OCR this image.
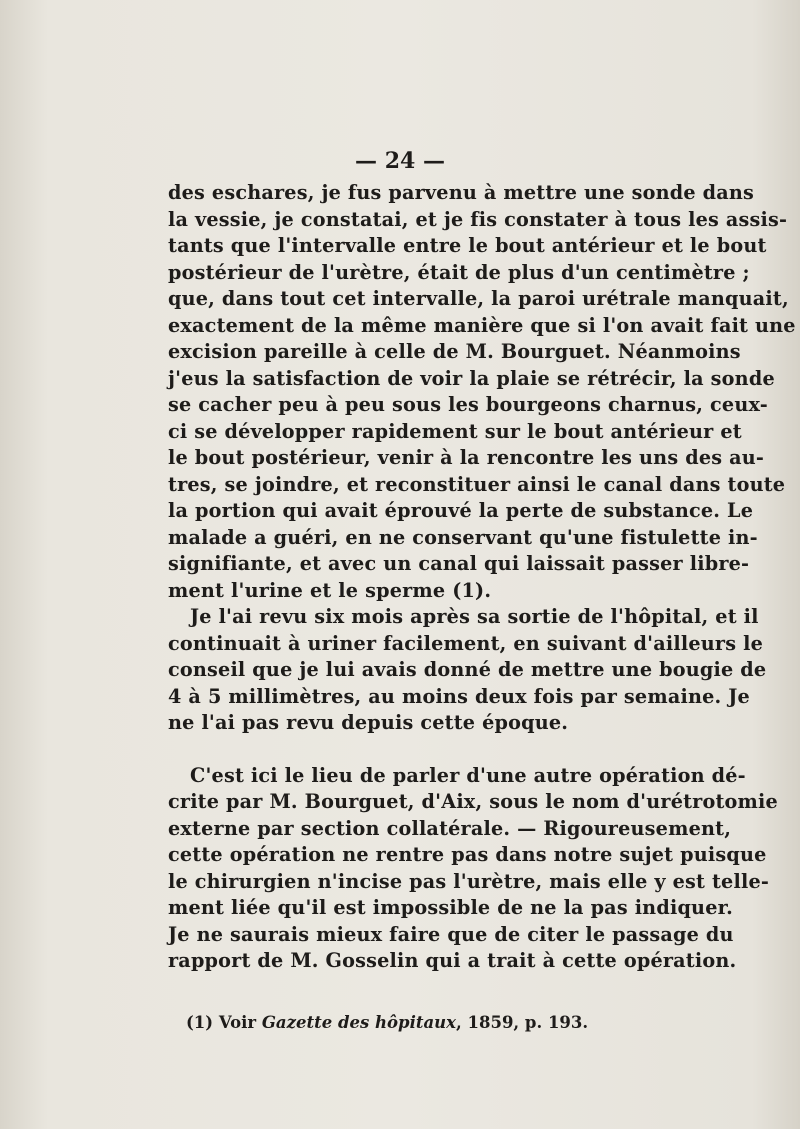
— 24 —

des eschares, je fus parvenu à mettre une sonde dans
la vessie, je constatai, et je fis constater à tous les assis-
tants que l'intervalle entre le bout antérieur et le bout
postérieur de l'urètre, était de plus d'un centimètre ;
que, dans tout cet intervalle, la paroi urétrale manquait,
exactement de la même manière que si l'on avait fait une
excision pareille à celle de M. Bourguet. Néanmoins
j'eus la satisfaction de voir la plaie se rétrécir, la sonde
se cacher peu à peu sous les bourgeons charnus, ceux-
ci se développer rapidement sur le bout antérieur et
le bout postérieur, venir à la rencontre les uns des au-
tres, se joindre, et reconstituer ainsi le canal dans toute
la portion qui avait éprouvé la perte de substance. Le
malade a guéri, en ne conservant qu'une fistulette in-
signifiante, et avec un canal qui laissait passer libre-
ment l'urine et le sperme (1).

Je l'ai revu six mois après sa sortie de l'hôpital, et il
continuait à uriner facilement, en suivant d'ailleurs le
conseil que je lui avais donné de mettre une bougie de
4 à 5 millimètres, au moins deux fois par semaine. Je
ne l'ai pas revu depuis cette époque.

C'est ici le lieu de parler d'une autre opération dé-
crite par M. Bourguet, d'Aix, sous le nom d'urétrotomie
externe par section collatérale. — Rigoureusement,
cette opération ne rentre pas dans notre sujet puisque
le chirurgien n'incise pas l'urètre, mais elle y est telle-
ment liée qu'il est impossible de ne la pas indiquer.
Je ne saurais mieux faire que de citer le passage du
rapport de M. Gosselin qui a trait à cette opération.

(1) Voir Gazette des hôpitaux, 1859, p. 193.
